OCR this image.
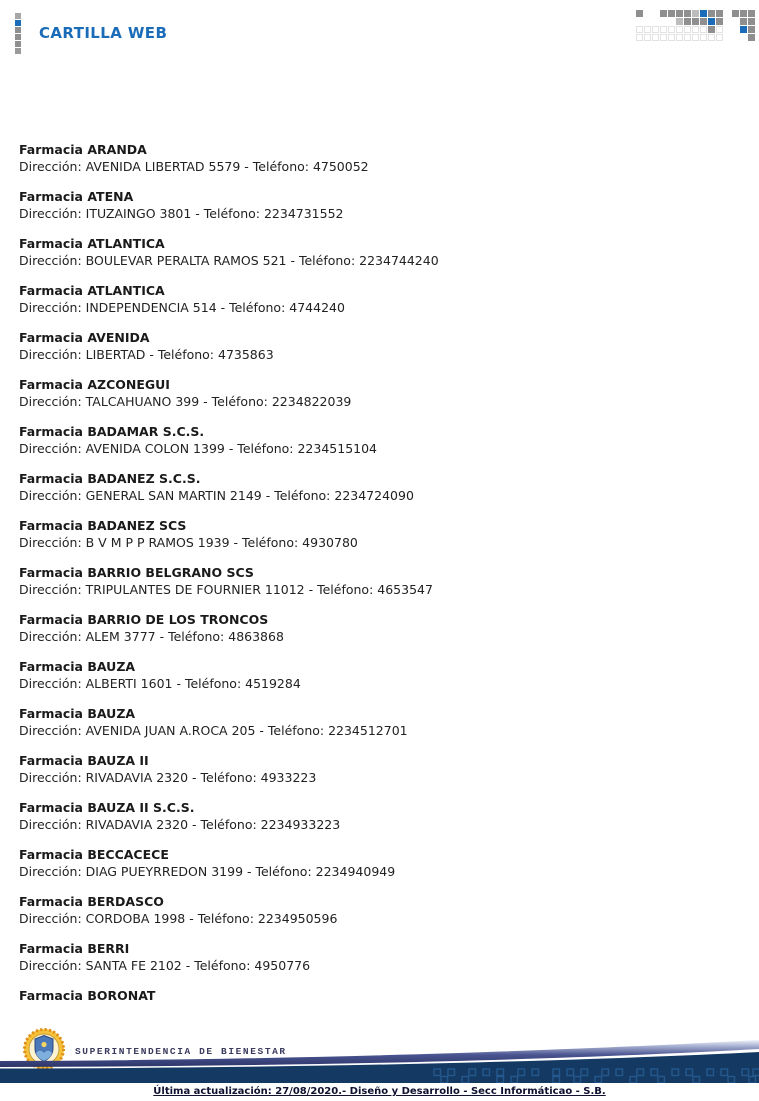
CARTILLA WEB
Farmacia ARANDA
Dirección: AVENIDA LIBERTAD 5579 - Teléfono: 4750052
Farmacia ATENA
Dirección: ITUZAINGO 3801 - Teléfono: 2234731552
Farmacia ATLANTICA
Dirección: BOULEVAR PERALTA RAMOS 521 - Teléfono: 2234744240
Farmacia ATLANTICA
Dirección: INDEPENDENCIA 514 - Teléfono: 4744240
Farmacia AVENIDA
Dirección: LIBERTAD - Teléfono: 4735863
Farmacia AZCONEGUI
Dirección: TALCAHUANO 399 - Teléfono: 2234822039
Farmacia BADAMAR S.C.S.
Dirección: AVENIDA COLON 1399 - Teléfono: 2234515104
Farmacia BADANEZ S.C.S.
Dirección: GENERAL SAN MARTIN 2149 - Teléfono: 2234724090
Farmacia BADANEZ SCS
Dirección: B V M P P RAMOS 1939 - Teléfono: 4930780
Farmacia BARRIO BELGRANO SCS
Dirección: TRIPULANTES DE FOURNIER 11012 - Teléfono: 4653547
Farmacia BARRIO DE LOS TRONCOS
Dirección: ALEM 3777 - Teléfono: 4863868
Farmacia BAUZA
Dirección: ALBERTI 1601 - Teléfono: 4519284
Farmacia BAUZA
Dirección: AVENIDA JUAN A.ROCA 205 - Teléfono: 2234512701
Farmacia BAUZA II
Dirección: RIVADAVIA 2320 - Teléfono: 4933223
Farmacia BAUZA II S.C.S.
Dirección: RIVADAVIA 2320 - Teléfono: 2234933223
Farmacia BECCACECE
Dirección: DIAG PUEYRREDON 3199 - Teléfono: 2234940949
Farmacia BERDASCO
Dirección: CORDOBA 1998 - Teléfono: 2234950596
Farmacia BERRI
Dirección: SANTA FE 2102 - Teléfono: 4950776
Farmacia BORONAT
SUPERINTENDENCIA DE BIENESTAR
Última actualización: 27/08/2020.- Diseño y Desarrollo - Secc Informáticao - S.B.
